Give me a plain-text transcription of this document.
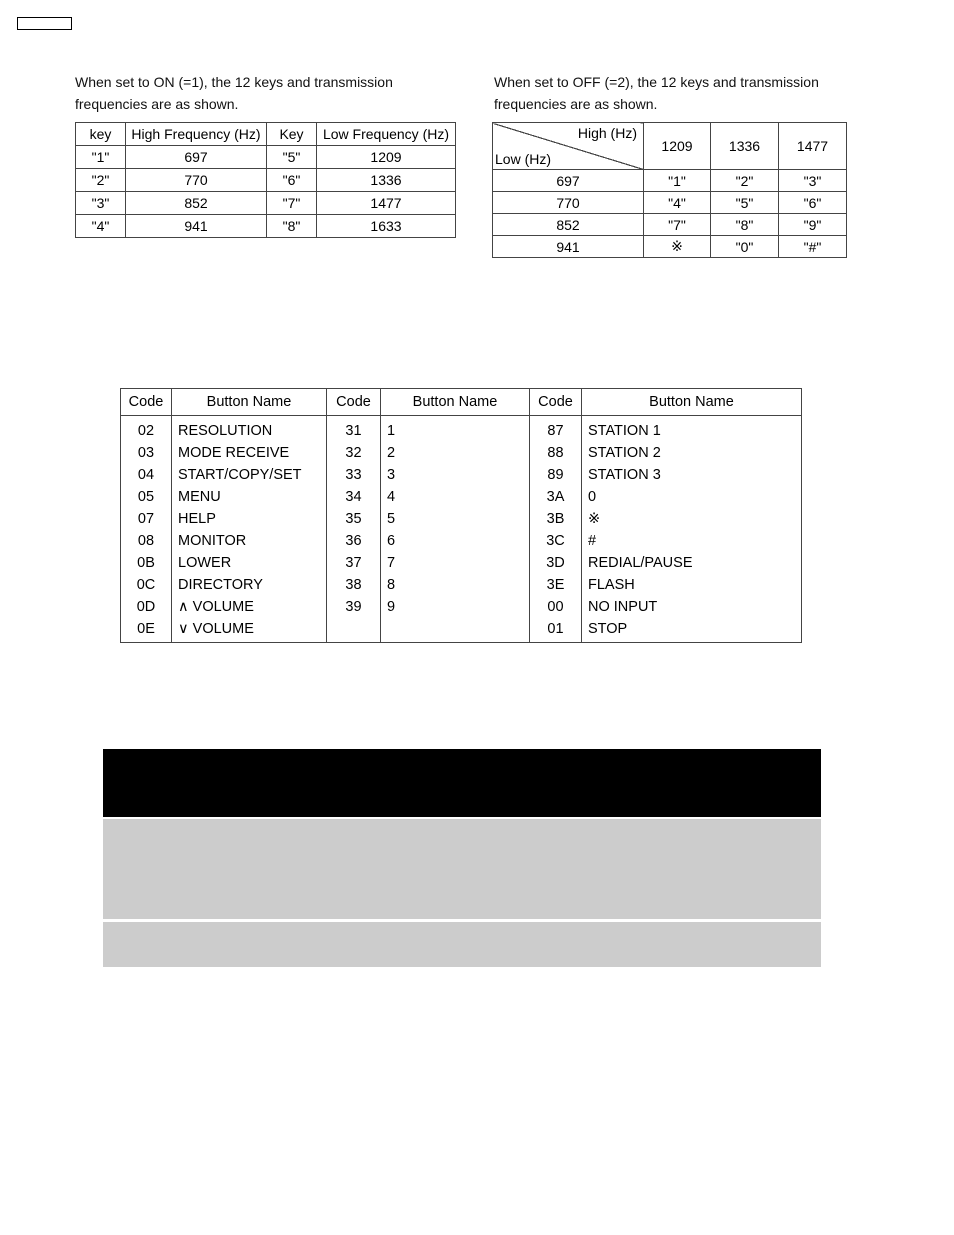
When set to ON (=1), the 12 keys and transmission frequencies are as shown.
When set to OFF (=2), the 12 keys and transmission frequencies are as shown.
key	High Frequency (Hz)	Key	Low Frequency (Hz)
"1"	697	"5"	1209
"2"	770	"6"	1336
"3"	852	"7"	1477
"4"	941	"8"	1633
High (Hz)
Low (Hz)	1209	1336	1477
697	"1"	"2"	"3"
770	"4"	"5"	"6"
852	"7"	"8"	"9"
941	※	"0"	"#"
Code	Button Name	Code	Button Name	Code	Button Name
02	RESOLUTION	31	1	87	STATION 1
03	MODE RECEIVE	32	2	88	STATION 2
04	START/COPY/SET	33	3	89	STATION 3
05	MENU	34	4	3A	0
07	HELP	35	5	3B	※
08	MONITOR	36	6	3C	#
0B	LOWER	37	7	3D	REDIAL/PAUSE
0C	DIRECTORY	38	8	3E	FLASH
0D	∧ VOLUME	39	9	00	NO INPUT
0E	∨ VOLUME			01	STOP
